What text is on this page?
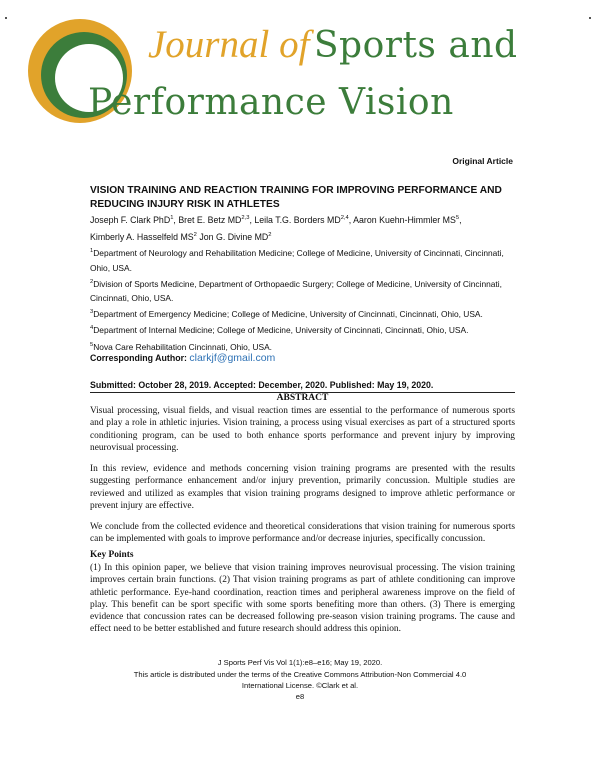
Journal of Sports and
Performance Vision
Original Article
VISION TRAINING AND REACTION TRAINING FOR IMPROVING PERFORMANCE AND REDUCING INJURY RISK IN ATHLETES
Joseph F. Clark PhD$^1$, Bret E. Betz MD$^{2,3}$, Leila T.G. Borders MD$^{2,4}$, Aaron Kuehn-Himmler $MS^5$,
Kimberly A. Hasselfeld $MS^2$ Jon G. Divine $MD^2$

$^1$Department of Neurology and Rehabilitation Medicine; College of Medicine, University of Cincinnati, Cincinnati, Ohio, USA.

$^2$Division of Sports Medicine, Department of Orthopaedic Surgery; College of Medicine, University of Cincinnati, Cincinnati, Ohio, USA.

$^3$Department of Emergency Medicine; College of Medicine, University of Cincinnati, Cincinnati, Ohio, USA.

$^4$Department of Internal Medicine; College of Medicine, University of Cincinnati, Cincinnati, Ohio, USA.

$^5$Nova Care Rehabilitation Cincinnati, Ohio, USA.

Corresponding Author: clarkjf@gmail.com
Submitted: October 28, 2019. Accepted: December, 2020. Published: May 19, 2020.
ABSTRACT

Visual processing, visual fields, and visual reaction times are essential to the performance of numerous sports and play a role in athletic injuries. Vision training, a process using visual exercises as part of a structured sports conditioning program, can be used to both enhance sports performance and prevent injury by improving neurovisual processing.

In this review, evidence and methods concerning vision training programs are presented with the results suggesting performance enhancement and/or injury prevention, primarily concussion. Multiple studies are reviewed and utilized as examples that vision training programs designed to improve athletic performance or prevent injury are effective.

We conclude from the collected evidence and theoretical considerations that vision training for numerous sports can be implemented with goals to improve performance and/or decrease injuries, specifically concussion.

Key Points

(1) In this opinion paper, we believe that vision training improves neurovisual processing. The vision training improves certain brain functions. (2) That vision training programs as part of athlete conditioning can improve athletic performance. Eye-hand coordination, reaction times and peripheral awareness improve on the field of play. This benefit can be sport specific with some sports benefiting more than others. (3) There is emerging evidence that concussion rates can be decreased following pre-season vision training programs. The cause and effect need to be better established and future research should address this opinion.

J Sports Perf Vis Vol 1(1):e8–e16; May 19, 2020.
This article is distributed under the terms of the Creative Commons Attribution-Non Commercial 4.0 International License. ©Clark et al.
e8
